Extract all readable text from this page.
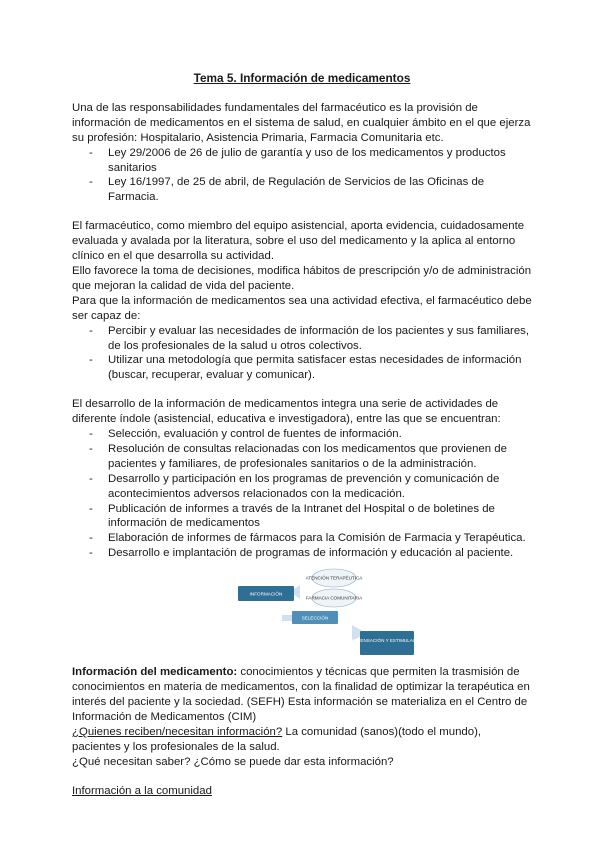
Tema 5. Información de medicamentos

Una de las responsabilidades fundamentales del farmacéutico es la provisión de información de medicamentos en el sistema de salud, en cualquier ámbito en el que ejerza su profesión: Hospitalario, Asistencia Primaria, Farmacia Comunitaria etc.

- Ley 29/2006 de 26 de julio de garantía y uso de los medicamentos y productos sanitarios
- Ley 16/1997, de 25 de abril, de Regulación de Servicios de las Oficinas de Farmacia.

El farmacéutico, como miembro del equipo asistencial, aporta evidencia, cuidadosamente evaluada y avalada por la literatura, sobre el uso del medicamento y la aplica al entorno clínico en el que desarrolla su actividad.

Ello favorece la toma de decisiones, modifica hábitos de prescripción y/o de administración que mejoran la calidad de vida del paciente.

Para que la información de medicamentos sea una actividad efectiva, el farmacéutico debe ser capaz de:

- Percibir y evaluar las necesidades de información de los pacientes y sus familiares, de los profesionales de la salud u otros colectivos.
- Utilizar una metodología que permita satisfacer estas necesidades de información (buscar, recuperar, evaluar y comunicar).

El desarrollo de la información de medicamentos integra una serie de actividades de diferente índole (asistencial, educativa e investigadora), entre las que se encuentran:

- Selección, evaluación y control de fuentes de información.
- Resolución de consultas relacionadas con los medicamentos que provienen de pacientes y familiares, de profesionales sanitarios o de la administración.
- Desarrollo y participación en los programas de prevención y comunicación de acontecimientos adversos relacionados con la medicación.
- Publicación de informes a través de la Intranet del Hospital o de boletines de información de medicamentos
- Elaboración de informes de fármacos para la Comisión de Farmacia y Terapéutica.
- Desarrollo e implantación de programas de información y educación al paciente.
INFORMACIÓN
ATENCIÓN TERAPÉUTICA
FARMACIA COMUNITARIA
SELECCIÓN
DISPENSACIÓN Y ESTIMULACIÓN

Información del medicamento: conocimientos y técnicas que permiten la trasmisión de conocimientos en materia de medicamentos, con la finalidad de optimizar la terapéutica en interés del paciente y la sociedad. (SEFH) Esta información se materializa en el Centro de Información de Medicamentos (CIM)

¿Quienes reciben/necesitan información? La comunidad (sanos)(todo el mundo), pacientes y los profesionales de la salud.

¿Qué necesitan saber? ¿Cómo se puede dar esta información?

Información a la comunidad
